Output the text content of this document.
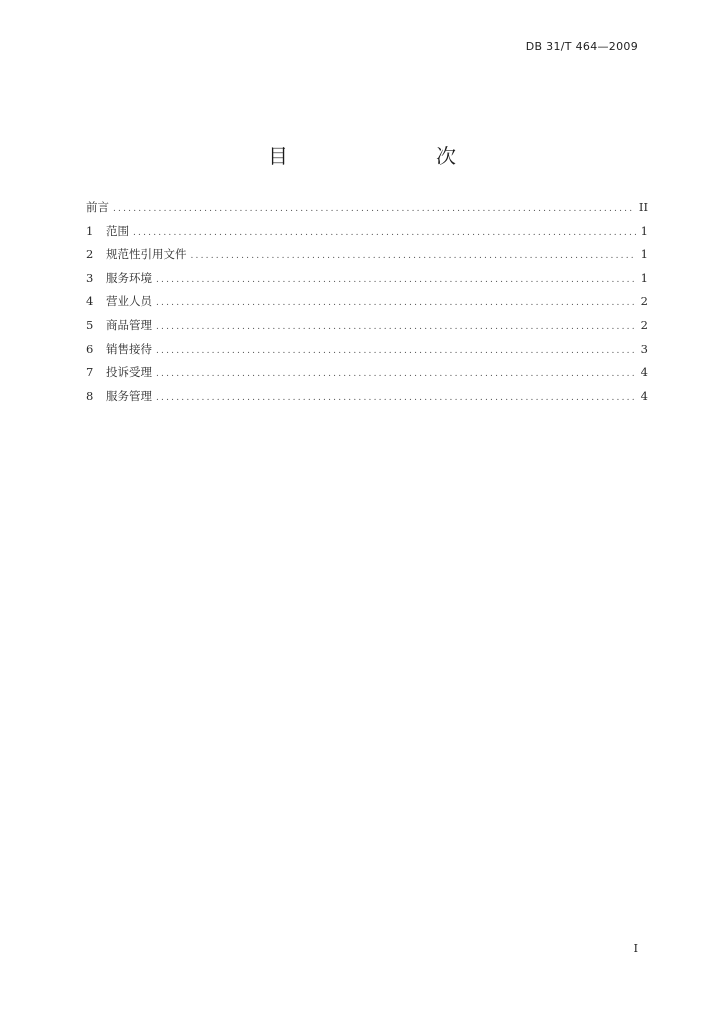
DB 31/T 464—2009
目　　次
前言 .....	II
1	范围 .....	1
2	规范性引用文件 .....	1
3	服务环境 .....	1
4	营业人员 .....	2
5	商品管理 .....	2
6	销售接待 .....	3
7	投诉受理 .....	4
8	服务管理 .....	4
I
